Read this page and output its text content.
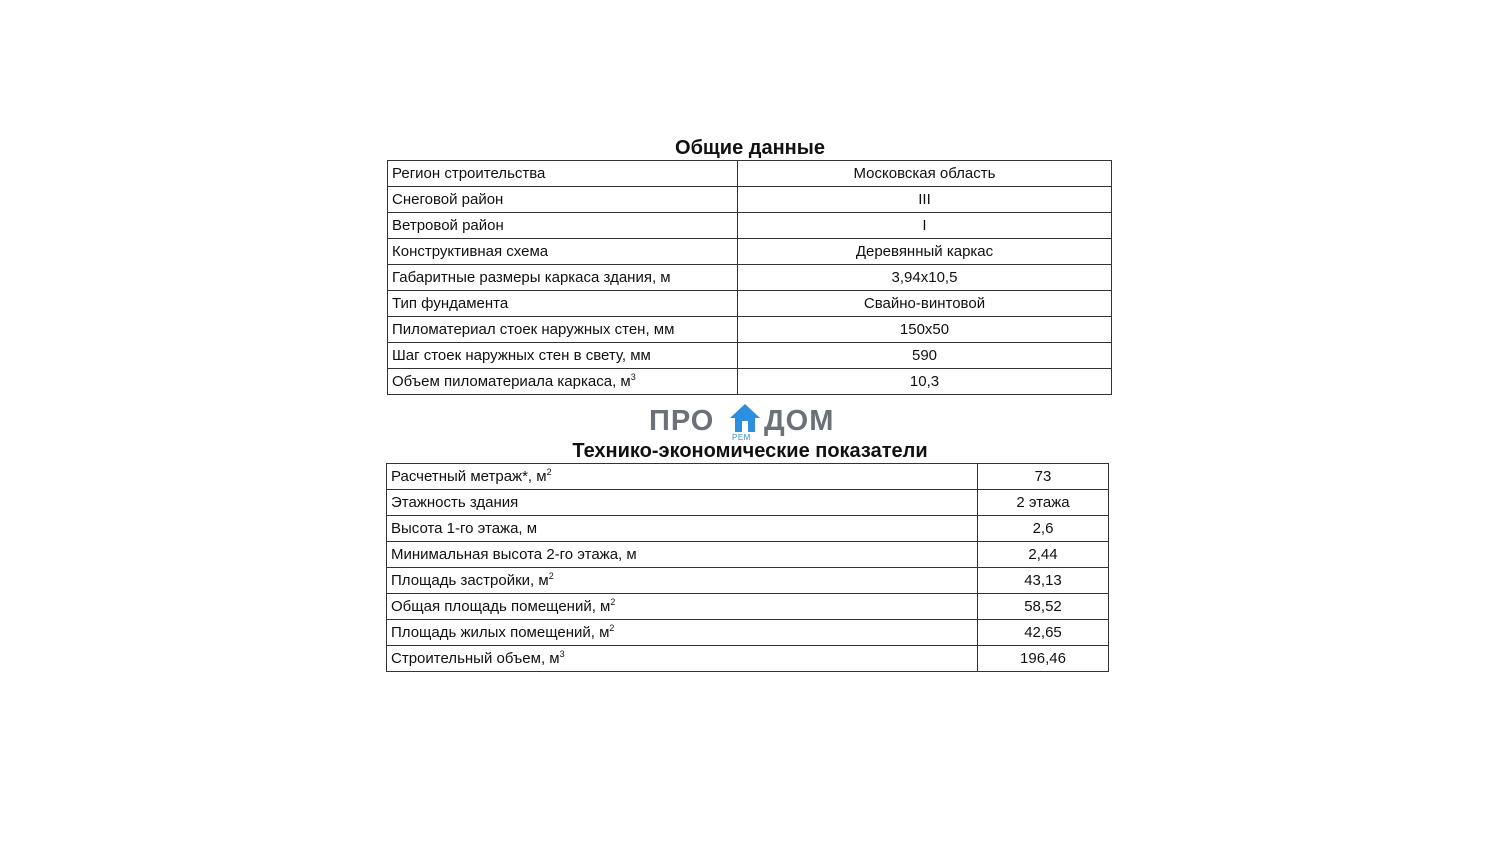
Общие данные
Регион строительства	Московская область
Снеговой район	III
Ветровой район	I
Конструктивная схема	Деревянный каркас
Габаритные размеры каркаса здания, м	3,94x10,5
Тип фундамента	Свайно-винтовой
Пиломатериал стоек наружных стен, мм	150x50
Шаг стоек наружных стен в свету, мм	590
Объем пиломатериала каркаса, $м^3$	10,3
ПРО
РЕМ
ДОМ
Технико-экономические показатели
Расчетный метраж*, $м^2$	73
Этажность здания	2 этажа
Высота 1-го этажа, м	2,6
Минимальная высота 2-го этажа, м	2,44
Площадь застройки, $м^2$	43,13
Общая площадь помещений, $м^2$	58,52
Площадь жилых помещений, $м^2$	42,65
Строительный объем, $м^3$	196,46
